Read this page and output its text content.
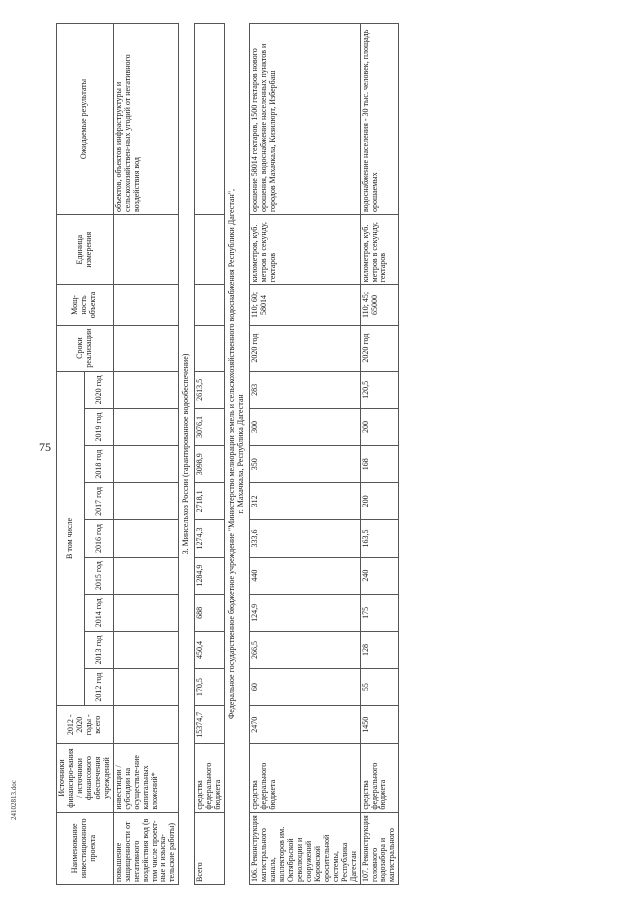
75
24102813.doc
Наименование инвестиционного проекта	Источники финансиро-вания / источники финансового обеспечения учреждений	2012 - 2020 годы - всего	В том числе									Сроки реализации	Мощ-ность объекта	Единица измерения	Ожидаемые результаты
			2012 год	2013 год	2014 год	2015 год	2016 год	2017 год	2018 год	2019 год	2020 год				
повышение защищенности от негативного воздействия вод (в том числе проект-ные и изыска-тельские работы)	инвестиции / субсидии на осуществле-ние капитальных вложений*														объектов, объектов инфраструктуры и сельскохозяйствен-ных угодий от негативного воздействия вод
3. Минсельхоз России (гарантированное водообеспечение)															
Всего	средства федерального бюджета	15374,7	170,5	450,4	688	1284,9	1274,3	2718,1	3098,9	3076,1	2613,5				

Федеральное государственное бюджетное учреждение "Министерство мелиорации земель и сельскохозяйственного водоснабжения Республики Дагестан", г. Махачкала, Республика Дагестан															

106. Реконструкция магистрального канала, коллекторов им. Октябрьской революции и сооружений Коровской оросительной системы, Республика Дагестан	средства федерального бюджета	2470	60	266,5	124,9	440	333,6	312	350	300	283	2020 год	110; 60; 58014	километров, куб. метров в секунду, гектаров	орошение 58014 гектаров, 1500 гектаров нового орошения, водоснабжение населенных пунктов и городов Махачкала, Кизилюрт, Избербаш
107. Реконструкция головного водозабора и магистрального	средства федерального бюджета	1450	55	128	175	240	163,5	200	168	200	120,5	2020 год	110; 45; 65000	километров, куб. метров в секунду, гектаров	водоснабжение населения - 30 тыс. человек, площадь орошаемых
